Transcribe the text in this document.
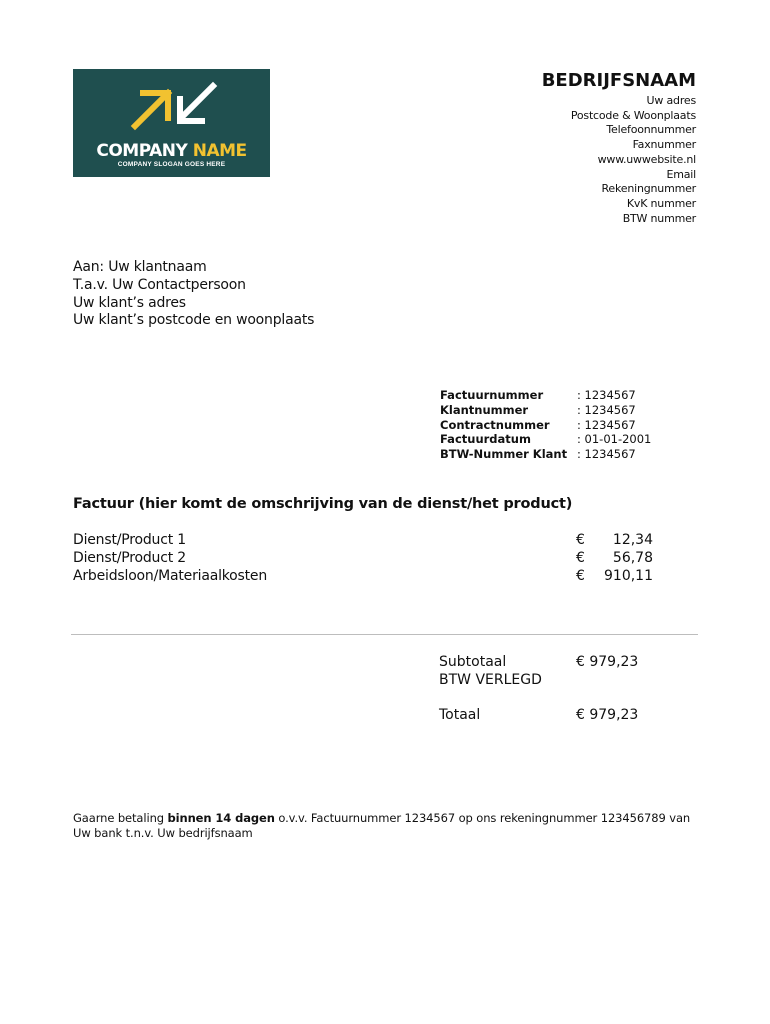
COMPANY NAME
COMPANY SLOGAN GOES HERE
BEDRIJFSNAAM
Uw adres
Postcode & Woonplaats
Telefoonnummer
Faxnummer
www.uwwebsite.nl
Email
Rekeningnummer
KvK nummer
BTW nummer
Aan: Uw klantnaam
T.a.v. Uw Contactpersoon
Uw klant’s adres
Uw klant’s postcode en woonplaats
Factuurnummer	: 1234567
Klantnummer	: 1234567
Contractnummer	: 1234567
Factuurdatum	: 01-01-2001
BTW-Nummer Klant : 1234567
Factuur (hier komt de omschrijving van de dienst/het product)
Dienst/Product 1	€ 12,34
Dienst/Product 2	€ 56,78
Arbeidsloon/Materiaalkosten	€ 910,11
Subtotaal	€ 979,23
BTW VERLEGD
Totaal	€ 979,23
Gaarne betaling binnen 14 dagen o.v.v. Factuurnummer 1234567 op ons rekeningnummer 123456789 van Uw bank t.n.v. Uw bedrijfsnaam
